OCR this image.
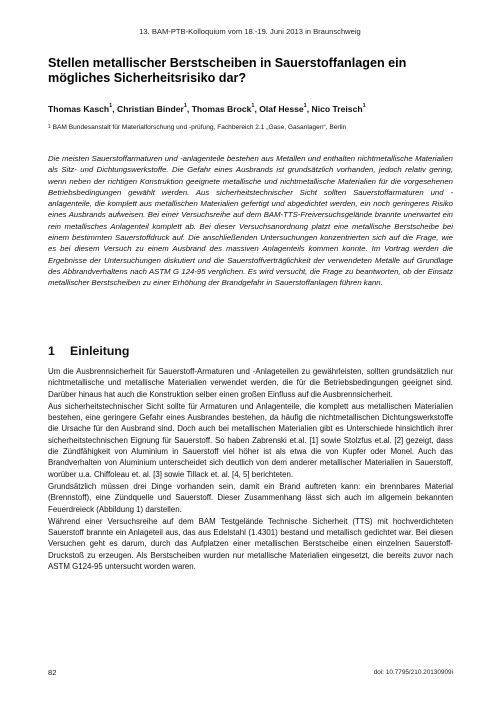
13. BAM-PTB-Kolloquium vom 18.-19. Juni 2013 in Braunschweig
Stellen metallischer Berstscheiben in Sauerstoffanlagen ein mögliches Sicherheitsrisiko dar?
Thomas Kasch$^1$, Christian Binder$^1$, Thomas Brock$^1$, Olaf Hesse$^1$, Nico Treisch$^1$
$^1$ BAM Bundesanstalt für Materialforschung und -prüfung, Fachbereich 2.1 „Gase, Gasanlagen“, Berlin

Die meisten Sauerstoffarmaturen und -anlagenteile bestehen aus Metallen und enthalten nichtmetallische Materialien als Sitz- und Dichtungswerkstoffe. Die Gefahr eines Ausbrands ist grundsätzlich vorhanden, jedoch relativ gering, wenn neben der richtigen Konstruktion geeignete metallische und nichtmetallische Materialien für die vorgesehenen Betriebsbedingungen gewählt werden. Aus sicherheitstechnischer Sicht sollten Sauerstoffarmaturen und -anlagenteile, die komplett aus metallischen Materialien gefertigt und abgedichtet werden, ein noch geringeres Risiko eines Ausbrands aufweisen. Bei einer Versuchsreihe auf dem BAM-TTS-Freiversuchsgelände brannte unerwartet ein rein metallisches Anlagenteil komplett ab. Bei dieser Versuchsanordnung platzt eine metallische Berstscheibe bei einem bestimmten Sauerstoffdruck auf. Die anschließenden Untersuchungen konzentrierten sich auf die Frage, wie es bei diesem Versuch zu einem Ausbrand des massiven Anlagenteils kommen konnte. Im Vortrag werden die Ergebnisse der Untersuchungen diskutiert und die Sauerstoffverträglichkeit der verwendeten Metalle auf Grundlage des Abbrandverhaltens nach ASTM G 124-95 verglichen. Es wird versucht, die Frage zu beantworten, ob der Einsatz metallischer Berstscheiben zu einer Erhöhung der Brandgefahr in Sauerstoffanlagen führen kann.

1 Einleitung

Um die Ausbrennsicherheit für Sauerstoff-Armaturen und -Anlageteilen zu gewährleisten, sollten grundsätzlich nur nichtmetallische und metallische Materialien verwendet werden, die für die Betriebsbedingungen geeignet sind. Darüber hinaus hat auch die Konstruktion selber einen großen Einfluss auf die Ausbrennsicherheit.

Aus sicherheitstechnischer Sicht sollte für Armaturen und Anlagenteile, die komplett aus metallischen Materialien bestehen, eine geringere Gefahr eines Ausbrandes bestehen, da häufig die nichtmetallischen Dichtungswerkstoffe die Ursache für den Ausbrand sind. Doch auch bei metallischen Materialien gibt es Unterschiede hinsichtlich ihrer sicherheitstechnischen Eignung für Sauerstoff. So haben Zabrenski et.al. [1] sowie Stolzfus et.al. [2] gezeigt, dass die Zündfähigkeit von Aluminium in Sauerstoff viel höher ist als etwa die von Kupfer oder Monel. Auch das Brandverhalten von Aluminium unterscheidet sich deutlich von dem anderer metallischer Materialien in Sauerstoff, worüber u.a. Chiffoleau et. al. [3] sowie Tillack et. al. [4, 5] berichteten.

Grundsätzlich müssen drei Dinge vorhanden sein, damit ein Brand auftreten kann: ein brennbares Material (Brennstoff), eine Zündquelle und Sauerstoff. Dieser Zusammenhang lässt sich auch im allgemein bekannten Feuerdreieck (Abbildung 1) darstellen.

Während einer Versuchsreihe auf dem BAM Testgelände Technische Sicherheit (TTS) mit hochverdichteten Sauerstoff brannte ein Anlageteil aus, das aus Edelstahl (1.4301) bestand und metallisch gedichtet war. Bei diesen Versuchen geht es darum, durch das Aufplatzen einer metallischen Berstscheibe einen einzelnen Sauerstoff-Druckstoß zu erzeugen. Als Berstscheiben wurden nur metallische Materialien eingesetzt, die bereits zuvor nach ASTM G124-95 untersucht worden waren.

82	doi: 10.7795/210.20130909i
